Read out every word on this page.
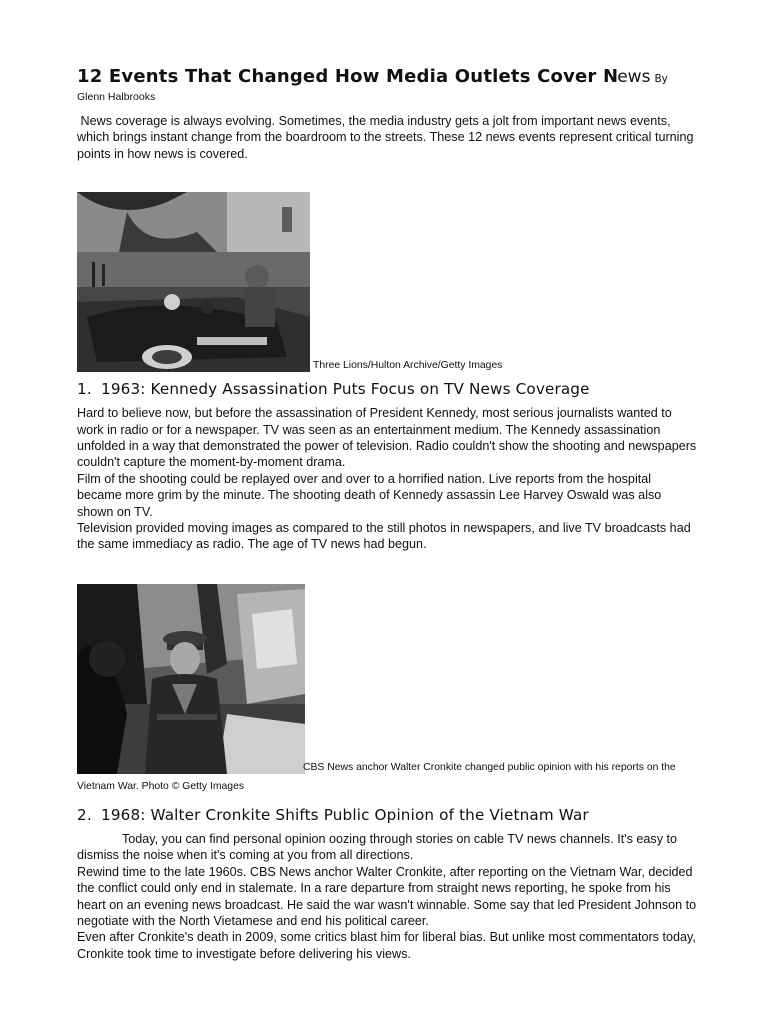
12 Events That Changed How Media Outlets Cover News By

Glenn Halbrooks

News coverage is always evolving. Sometimes, the media industry gets a jolt from important news events, which brings instant change from the boardroom to the streets. These 12 news events represent critical turning points in how news is covered.

Three Lions/Hulton Archive/Getty Images

1. 1963: Kennedy Assassination Puts Focus on TV News Coverage

Hard to believe now, but before the assassination of President Kennedy, most serious journalists wanted to work in radio or for a newspaper. TV was seen as an entertainment medium. The Kennedy assassination unfolded in a way that demonstrated the power of television. Radio couldn't show the shooting and newspapers couldn't capture the moment-by-moment drama.

Film of the shooting could be replayed over and over to a horrified nation. Live reports from the hospital became more grim by the minute. The shooting death of Kennedy assassin Lee Harvey Oswald was also shown on TV.

Television provided moving images as compared to the still photos in newspapers, and live TV broadcasts had the same immediacy as radio. The age of TV news had begun.

CBS News anchor Walter Cronkite changed public opinion with his reports on the Vietnam War. Photo © Getty Images

2. 1968: Walter Cronkite Shifts Public Opinion of the Vietnam War

Today, you can find personal opinion oozing through stories on cable TV news channels. It's easy to dismiss the noise when it's coming at you from all directions.

Rewind time to the late 1960s. CBS News anchor Walter Cronkite, after reporting on the Vietnam War, decided the conflict could only end in stalemate. In a rare departure from straight news reporting, he spoke from his heart on an evening news broadcast. He said the war wasn't winnable. Some say that led President Johnson to negotiate with the North Vietamese and end his political career.

Even after Cronkite's death in 2009, some critics blast him for liberal bias. But unlike most commentators today, Cronkite took time to investigate before delivering his views.
